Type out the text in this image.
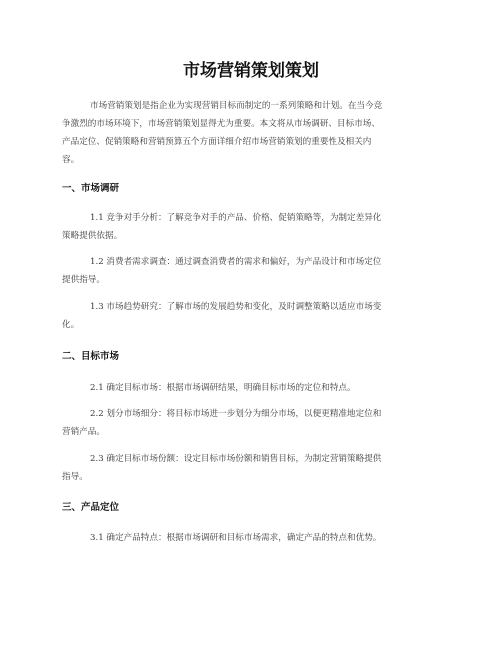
市场营销策划策划

市场营销策划是指企业为实现营销目标而制定的一系列策略和计划。在当今竞
争激烈的市场环境下，市场营销策划显得尤为重要。本文将从市场调研、目标市场、
产品定位、促销策略和营销预算五个方面详细介绍市场营销策划的重要性及相关内
容。

一、市场调研

1.1 竞争对手分析：了解竞争对手的产品、价格、促销策略等，为制定差异化
策略提供依据。

1.2 消费者需求调查：通过调查消费者的需求和偏好，为产品设计和市场定位
提供指导。

1.3 市场趋势研究：了解市场的发展趋势和变化，及时调整策略以适应市场变
化。

二、目标市场

2.1 确定目标市场：根据市场调研结果，明确目标市场的定位和特点。

2.2 划分市场细分：将目标市场进一步划分为细分市场，以便更精准地定位和
营销产品。

2.3 确定目标市场份额：设定目标市场份额和销售目标，为制定营销策略提供
指导。

三、产品定位

3.1 确定产品特点：根据市场调研和目标市场需求，确定产品的特点和优势。
